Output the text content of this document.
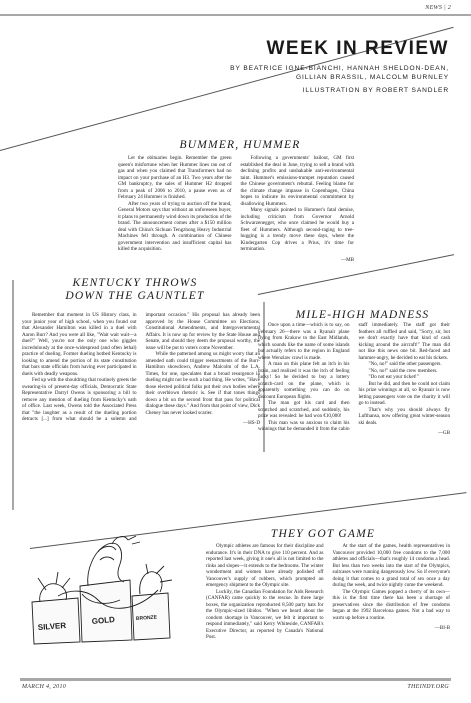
NEWS | 2
MARCH 4, 2010	THEINDY.ORG
WEEK IN REVIEW
BY BEATRICE IGNE-BIANCHI, HANNAH SHELDON-DEAN,
GILLIAN BRASSIL, MALCOLM BURNLEY
ILLUSTRATION BY ROBERT SANDLER
BUMMER, HUMMER

Let the obituaries begin. Remember the green queen's misfortune when her Hummer lines ran out of gas and when you claimed that Transformers had no impact on your purchase of an H3. Two years after the GM bankruptcy, the sales of Hummer H2 dropped from a peak of 2006 to 2010, a pause even as of February 24 Hummer is finished.

After two years of trying to auction off the brand, General Motors says that without an unforeseen buyer, it plans to permanently wind down its production of the brand. The announcement comes after a $150 million deal with China's Sichuan Tengzhong Heavy Industrial Machines fell through. A combination of Chinese government intervention and insufficient capital has killed the acquisition.

Following a governments' bailout, GM first established the deal in June, trying to sell a brand with declining profits and unshakable anti-environmental taint. Hummer's emissions-trumpet reputation caused the Chinese government's rebuttal. Feeling blame for the climate change impasse in Copenhagen, China hopes to indicate its environmental commitment by disallowing Hummers.

Many signals pointed to Hummer's fatal demise, including criticism from Governor Arnold Schwarzenegger, who once claimed he would buy a fleet of Hummers. Although second-raging to tree-hugging is a trendy move these days, where the Kindergarten Cop drives a Prius, it's time for termination.

—MB
KENTUCKY THROWS
DOWN THE GAUNTLET

Remember that moment in US History class, in your junior year of high school, when you found out that Alexander Hamilton was killed in a duel with Aaron Burr? And you were all like, "Wait wait wait—a duel?" Well, you're not the only one who giggles incredulously at the once-widespread (and often lethal) practice of dueling. Former dueling hotbed Kentucky is looking to amend the portion of its state constitution that bars state officials from having ever participated in duels with deadly weapons.

Fed up with the shouldring that routinely greets the swearing-in of present-day officials, Democratic State Representative Darryl Owens is sponsoring a bill to remove any mention of dueling from Kentucky's oath of office. Last week, Owens told the Associated Press that "the laughter as a result of the dueling portion detracts [...] from what should be a solemn and important occasion." His proposal has already been approved by the House Committee on Elections, Constitutional Amendments, and Intergovernmental Affairs. It is now up for review by the State House and Senate, and should they deem the proposal worthy, the issue will be put to voters come November.

While the patterned among us might worry that an amended oath could trigger reenactments of the Burr-Hamilton showdown, Andrew Malcolm of the L.A. Times, for one, speculates that a broad resurgence in dueling might not be such a bad thing. He writes, "Have those elected political folks put their own bodies where their overblown rhetoric is. See if that tones things down a bit on the second front that pass for political dialogue these days." And from that point of view, Dick Cheney has never looked scarier.

—HS-D
MILE-HIGH MADNESS

Once upon a time—which is to say, on February 26—there was a Ryanair plane flying from Krakow to the East Midlands, which sounds like the name of some islands but actually refers to the region in England where Wenzlaw crawl is made.

A man on this plane felt an itch in his brain, and realized it was the itch of feeling lucky! So he decided to buy a lottery scratch-card on the plane, which is apparently something you can do on discount European flights.

The man got his card and then scratched and scratched, and suddenly, his prize was revealed: he had won €10,000!

This man was so anxious to claim his winnings that he demanded it from the cabin staff immediately. The staff got their feathers all ruffled and said, "Sorry, sir, but we don't exactly have that kind of cash kicking around the aircraft!" The man did not like this news one bit. Red-faced and hammer-angry, he decided to eat his tickets.

"No, no!" said the other passengers.

"No, no!" said the crew members.

"Do not eat your ticket!"

But he did, and then he could not claim his prize winnings at all, so Ryanair is now letting passengers vote on the charity it will go to instead.

That's why you should always fly Lufthansa, now offering great winter-season ski deals.

—GB
SILVER
GOLD	BRONZE
THEY GOT GAME

Olympic athletes are famous for their discipline and endurance. It's in their DNA to give 110 percent. And as reported last week, giving it one's all is not limited to the rinks and slopes—it extends to the bedrooms. The winter wonderment and women have already polished off Vancouver's supply of rubbers, which prompted an emergency shipment to the Olympic site.

Luckily, the Canadian Foundation for Aids Research (CANFAR) came quickly to the rescue. In three large boxes, the organization reproducted 8,500 party hats for the Olympic-sized libidos. "When we heard about the condom shortage in Vancouver, we felt it important to respond immediately," said Kerry Whiteside, CANFAR's Executive Director, as reported by Canada's National Post.

At the start of the games, health representatives in Vancouver provided 10,000 free condoms to the 7,000 athletes and officials—that's roughly 14 condoms a head. But less than two weeks into the start of the Olympics, suitcases were running dangerously low. So if everyone's doing it that comes to a grand total of sex once a day during the week, and twice nightly come the weekend.

The Olympic Games popped a cherry of its own—this is the first time there has been a shortage of preservatives since the distribution of free condoms began at the 1992 Barcelona games. Not a bad way to warm up before a routine.

—BI-B
